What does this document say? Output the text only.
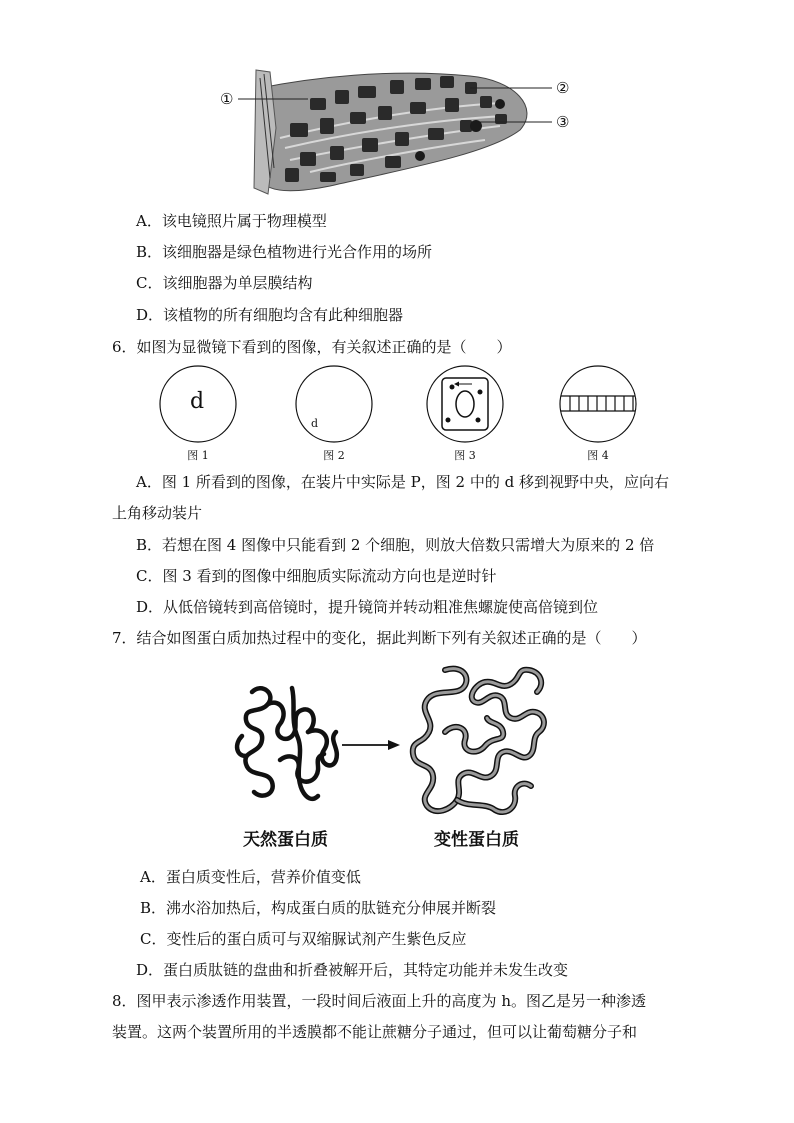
①
②
③
A．该电镜照片属于物理模型
B．该细胞器是绿色植物进行光合作用的场所
C．该细胞器为单层膜结构
D．该植物的所有细胞均含有此种细胞器
6．如图为显微镜下看到的图像，有关叙述正确的是（　　）
d
图 1
d
图 2	图 3	图 4
A．图 1 所看到的图像，在装片中实际是 P，图 2 中的 d 移到视野中央，应向右
上角移动装片
B．若想在图 4 图像中只能看到 2 个细胞，则放大倍数只需增大为原来的 2 倍
C．图 3 看到的图像中细胞质实际流动方向也是逆时针
D．从低倍镜转到高倍镜时，提升镜筒并转动粗准焦螺旋使高倍镜到位
7．结合如图蛋白质加热过程中的变化，据此判断下列有关叙述正确的是（　　）
天然蛋白质	变性蛋白质
A．蛋白质变性后，营养价值变低
B．沸水浴加热后，构成蛋白质的肽链充分伸展并断裂
C．变性后的蛋白质可与双缩脲试剂产生紫色反应
D．蛋白质肽链的盘曲和折叠被解开后，其特定功能并未发生改变
8．图甲表示渗透作用装置，一段时间后液面上升的高度为 h。图乙是另一种渗透
装置。这两个装置所用的半透膜都不能让蔗糖分子通过，但可以让葡萄糖分子和
